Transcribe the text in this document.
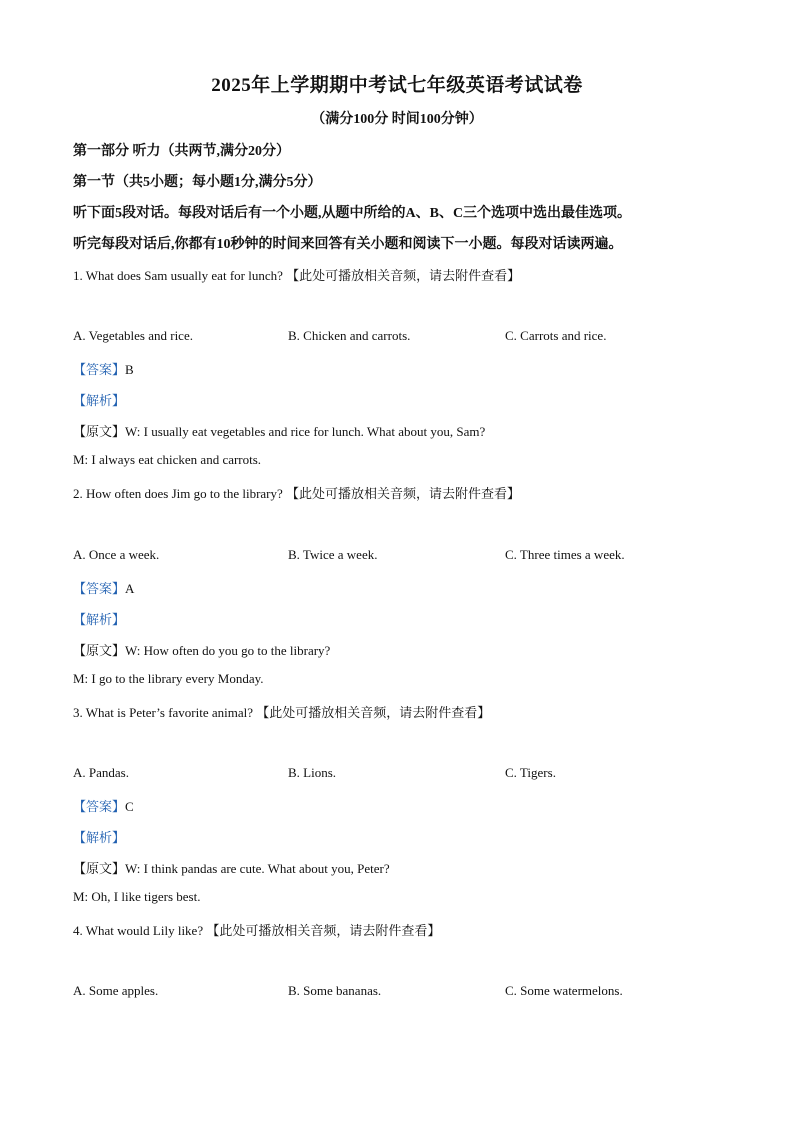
2025年上学期期中考试七年级英语考试试卷
（满分100分 时间100分钟）
第一部分 听力（共两节,满分20分）
第一节（共5小题；每小题1分,满分5分）
听下面5段对话。每段对话后有一个小题,从题中所给的A、B、C三个选项中选出最佳选项。
听完每段对话后,你都有10秒钟的时间来回答有关小题和阅读下一小题。每段对话读两遍。
1. What does Sam usually eat for lunch? 【此处可播放相关音频，请去附件查看】
A. Vegetables and rice.	B. Chicken and carrots.	C. Carrots and rice.
【答案】B
【解析】
【原文】W: I usually eat vegetables and rice for lunch. What about you, Sam?
M: I always eat chicken and carrots.
2. How often does Jim go to the library? 【此处可播放相关音频，请去附件查看】
A. Once a week.	B. Twice a week.	C. Three times a week.
【答案】A
【解析】
【原文】W: How often do you go to the library?
M: I go to the library every Monday.
3. What is Peter’s favorite animal? 【此处可播放相关音频，请去附件查看】
A. Pandas.	B. Lions.	C. Tigers.
【答案】C
【解析】
【原文】W: I think pandas are cute. What about you, Peter?
M: Oh, I like tigers best.
4. What would Lily like? 【此处可播放相关音频，请去附件查看】
A. Some apples.	B. Some bananas.	C. Some watermelons.
